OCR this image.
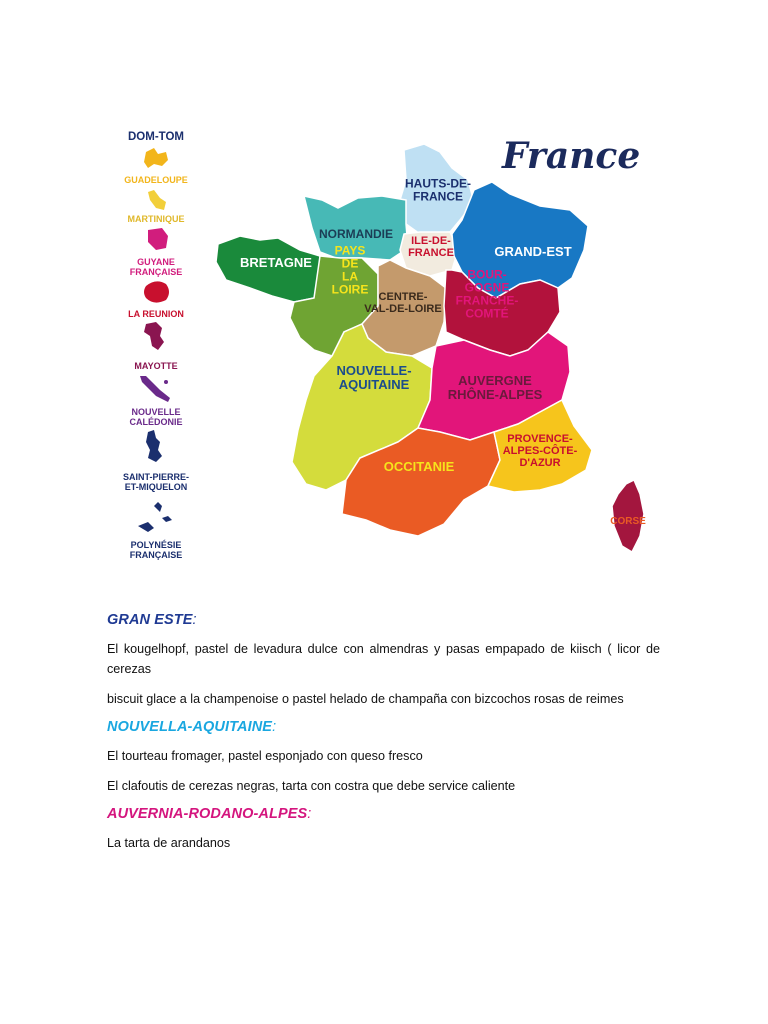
France
DOM-TOM
GUADELOUPE
MARTINIQUE
GUYANE FRANÇAISE
LA REUNION
MAYOTTE
NOUVELLE CALÉDONIE
SAINT-PIERRE-ET-MIQUELON
POLYNÉSIE FRANÇAISE
HAUTS-DE-FRANCE
NORMANDIE ILE-DE-FRANCE	GRAND-EST
BRETAGNE
PAYS DE LA LOIRE
CENTRE-VAL-DE-LOIRE
BOUR-GOGNE FRANCHE-COMTÉ
NOUVELLE-AQUITAINE	AUVERGNE RHÔNE-ALPES
OCCITANIE
PROVENCE-ALPES-CÔTE-D'AZUR
CORSE
GRAN ESTE:

El kougelhopf, pastel de levadura dulce con almendras y pasas empapado de kiisch ( licor de cerezas

biscuit glace a la champenoise o pastel helado de champaña con bizcochos rosas de reimes

NOUVELLA-AQUITAINE:

El tourteau fromager, pastel esponjado con queso fresco

El clafoutis de cerezas negras, tarta con costra que debe service caliente

AUVERNIA-RODANO-ALPES:

La tarta de arandanos
